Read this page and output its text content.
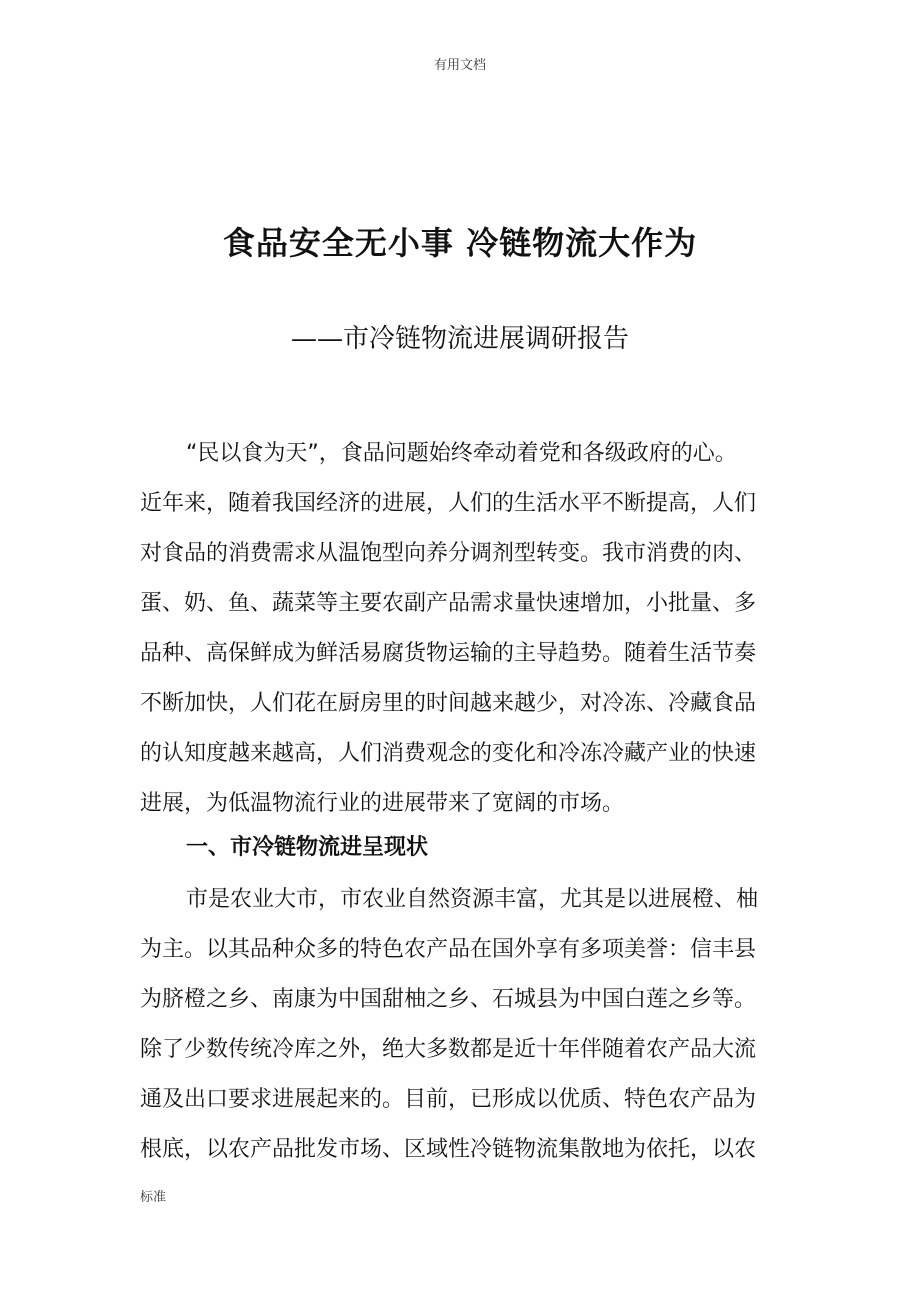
有用文档
食品安全无小事 冷链物流大作为
——市冷链物流进展调研报告
“民以食为天”，食品问题始终牵动着党和各级政府的心。
近年来，随着我国经济的进展，人们的生活水平不断提高，人们
对食品的消费需求从温饱型向养分调剂型转变。我市消费的肉、
蛋、奶、鱼、蔬菜等主要农副产品需求量快速增加，小批量、多
品种、高保鲜成为鲜活易腐货物运输的主导趋势。随着生活节奏
不断加快，人们花在厨房里的时间越来越少，对冷冻、冷藏食品
的认知度越来越高，人们消费观念的变化和冷冻冷藏产业的快速
进展，为低温物流行业的进展带来了宽阔的市场。
一、市冷链物流进呈现状
市是农业大市，市农业自然资源丰富，尤其是以进展橙、柚
为主。以其品种众多的特色农产品在国外享有多项美誉：信丰县
为脐橙之乡、南康为中国甜柚之乡、石城县为中国白莲之乡等。
除了少数传统冷库之外，绝大多数都是近十年伴随着农产品大流
通及出口要求进展起来的。目前，已形成以优质、特色农产品为
根底，以农产品批发市场、区域性冷链物流集散地为依托，以农
标准
